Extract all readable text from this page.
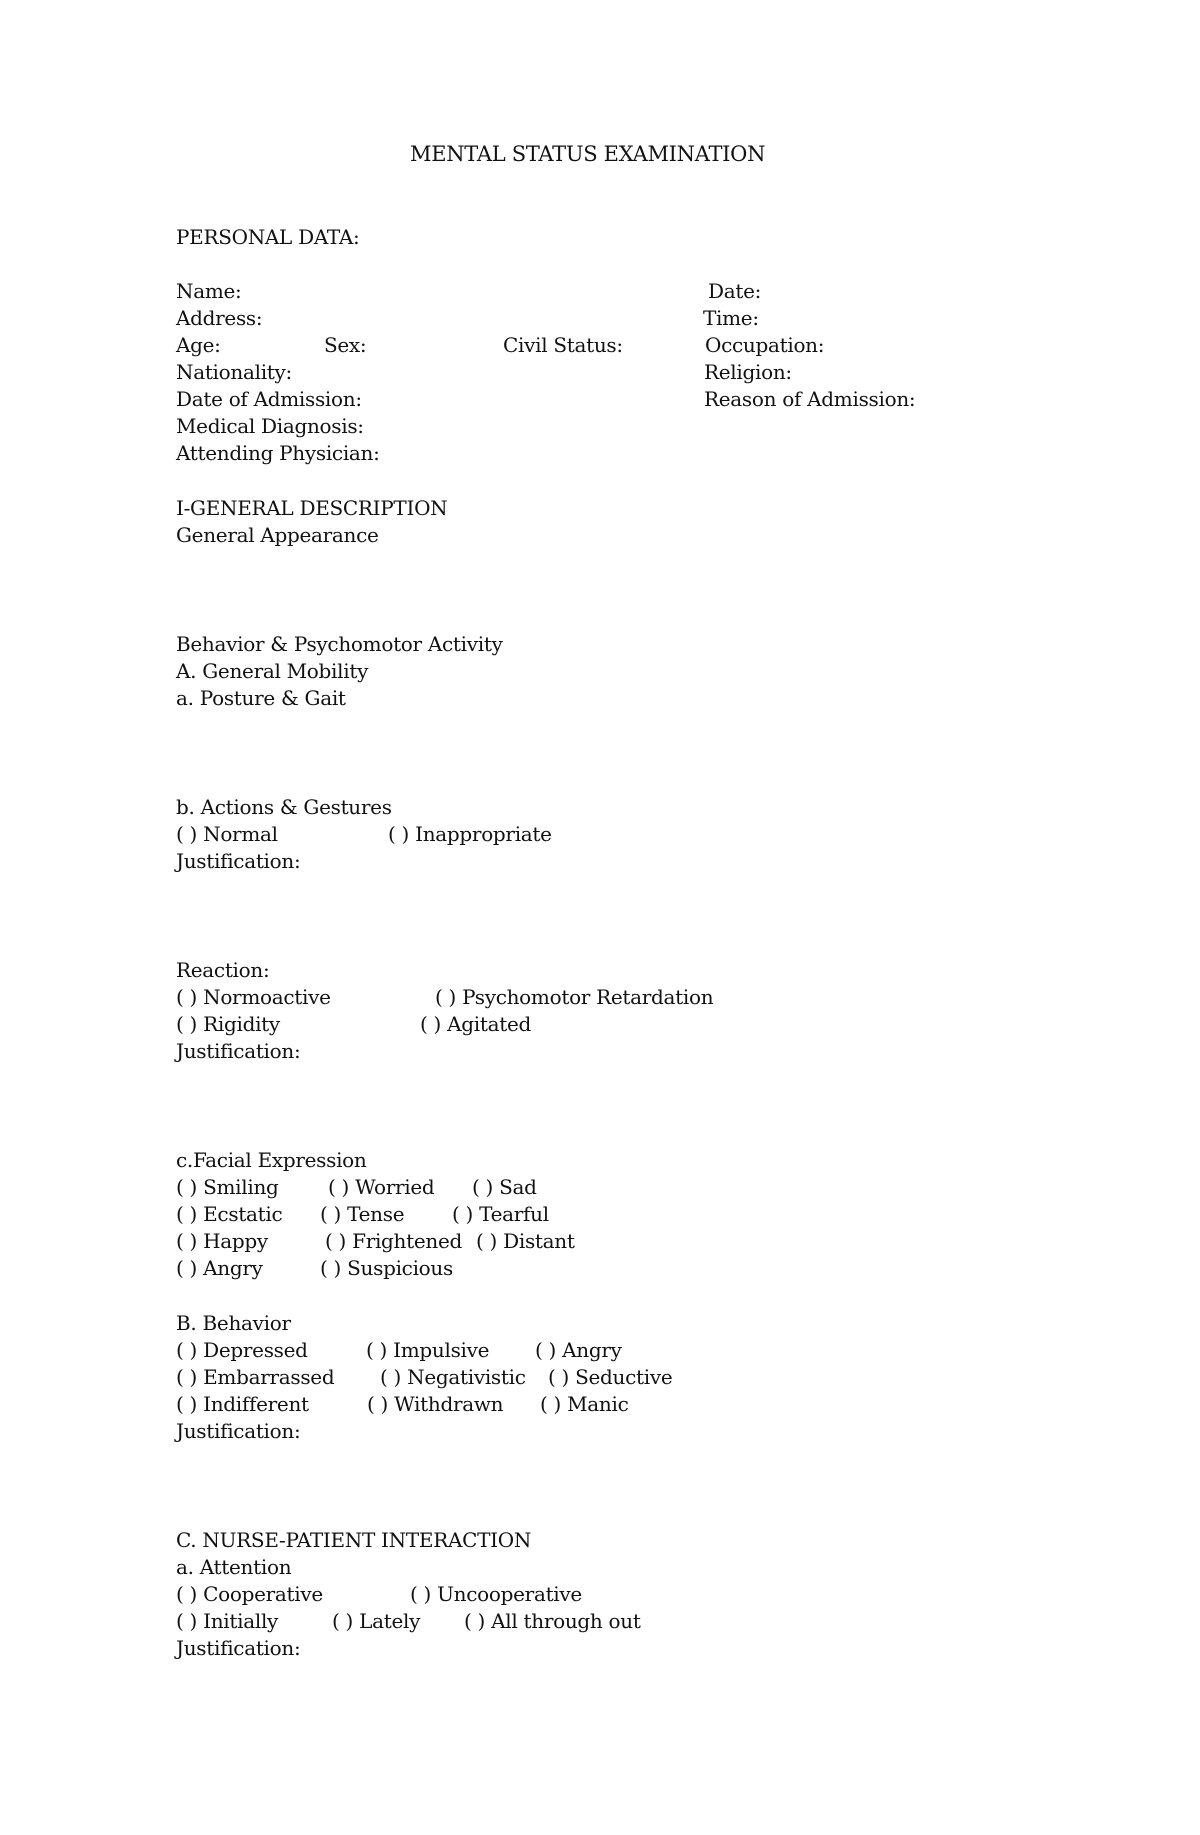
MENTAL STATUS EXAMINATION
PERSONAL DATA:
Name:	Date:
Address:	Time:
Age:	Sex:	Civil Status:	Occupation:
Nationality:	Religion:
Date of Admission:	Reason of Admission:
Medical Diagnosis:
Attending Physician:
I-GENERAL DESCRIPTION
General Appearance
Behavior & Psychomotor Activity
A. General Mobility
a. Posture & Gait
b. Actions & Gestures
( ) Normal	( ) Inappropriate
Justification:
Reaction:
( ) Normoactive	( ) Psychomotor Retardation
( ) Rigidity	( ) Agitated
Justification:
c.Facial Expression
( ) Smiling ( ) Worried ( ) Sad
( ) Ecstatic ( ) Tense ( ) Tearful
( ) Happy	( ) Frightened ( ) Distant
( ) Angry	( ) Suspicious
B. Behavior
( ) Depressed	( ) Impulsive ( ) Angry
( ) Embarrassed ( ) Negativistic ( ) Seductive
( ) Indifferent	( ) Withdrawn ( ) Manic
Justification:
C. NURSE-PATIENT INTERACTION
a. Attention
( ) Cooperative	( ) Uncooperative
( ) Initially	( ) Lately ( ) All through out
Justification:
